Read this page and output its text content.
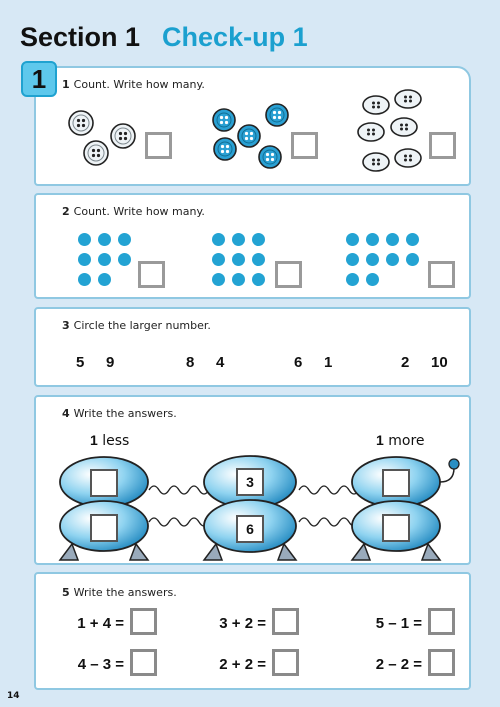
Section 1 Check-up 1
1	1 Count. Write how many.
2 Count. Write how many.
3 Circle the larger number.
5 9	8 4	6 1	2 10
4 Write the answers.
1 less	1 more
3
6
5 Write the answers.
1 + 4 =	3 + 2 =	5 – 1 =
4 – 3 =	2 + 2 =	2 – 2 =
14
